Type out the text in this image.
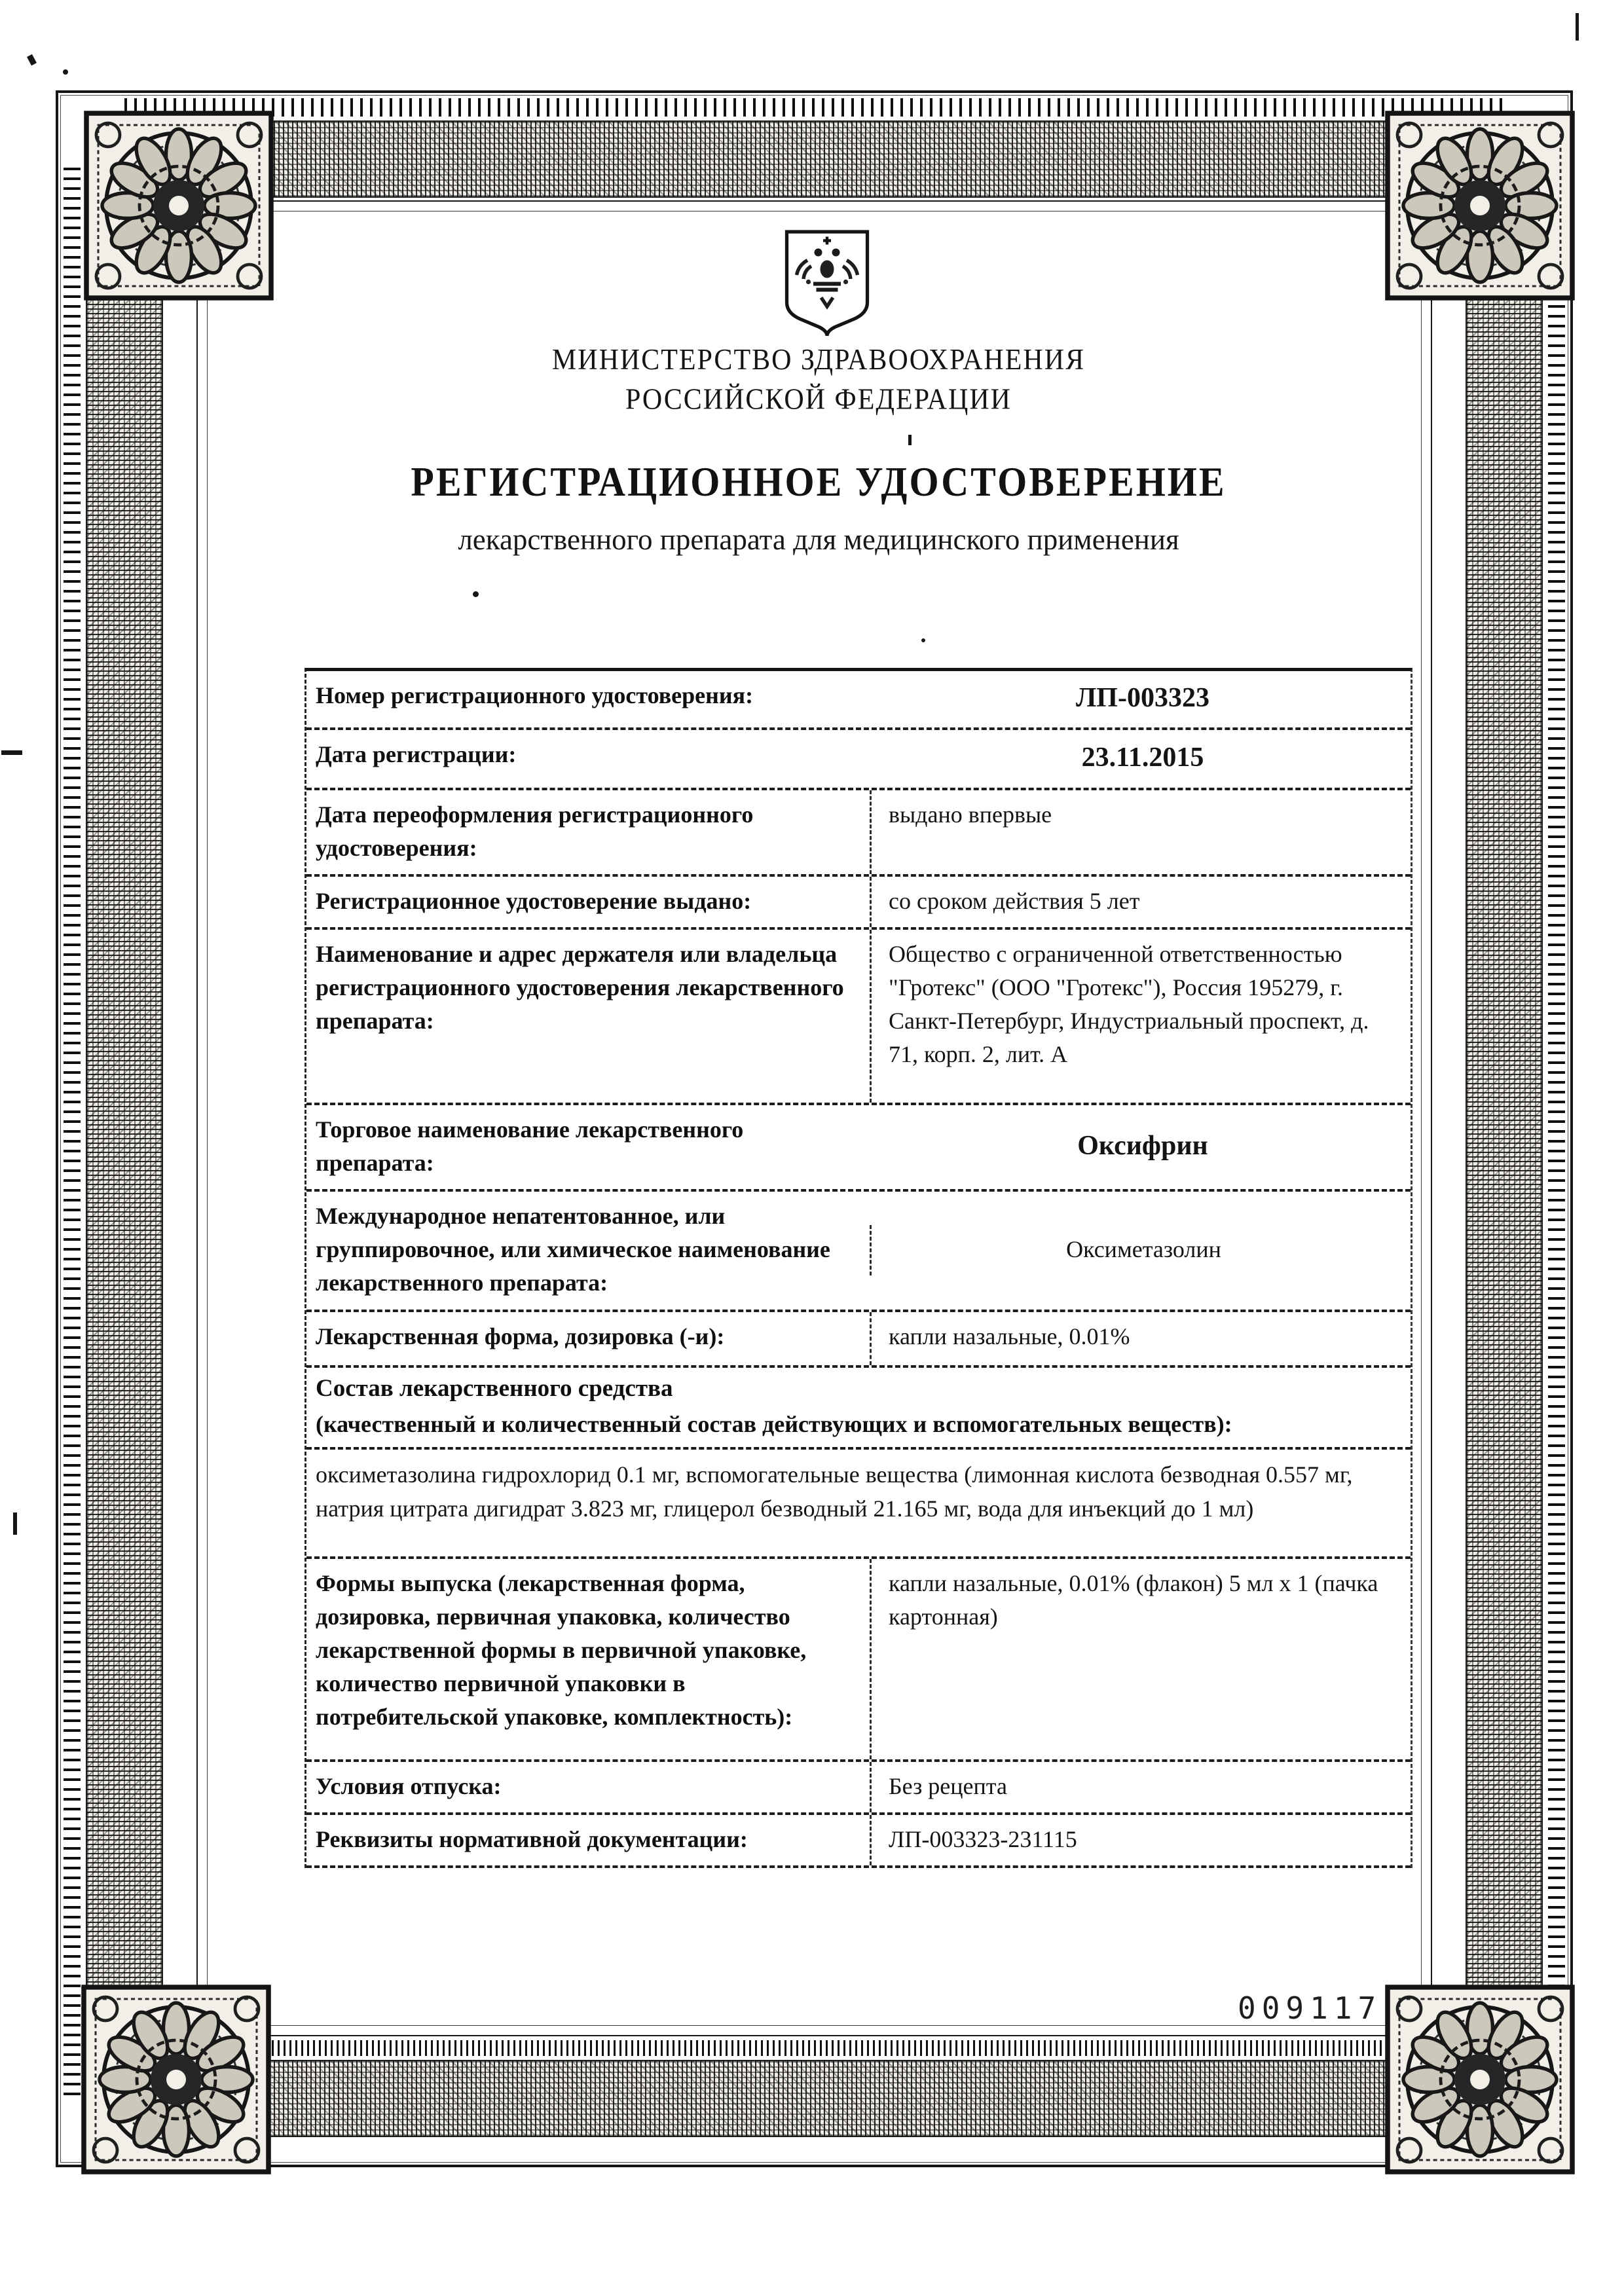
МИНИСТЕРСТВО ЗДРАВООХРАНЕНИЯ
РОССИЙСКОЙ ФЕДЕРАЦИИ
РЕГИСТРАЦИОННОЕ УДОСТОВЕРЕНИЕ
лекарственного препарата для медицинского применения
Номер регистрационного удостоверения:	ЛП-003323
Дата регистрации:	23.11.2015
Дата переоформления регистрационного удостоверения:
выдано впервые
Регистрационное удостоверение выдано:	со сроком действия 5 лет
Наименование и адрес держателя или владельца регистрационного удостоверения лекарственного препарата:
Общество с ограниченной ответственностью "Гротекс" (ООО "Гротекс"), Россия 195279, г. Санкт-Петербург, Индустриальный проспект, д. 71, корп. 2, лит. А
Торговое наименование лекарственного препарата:
Оксифрин
Международное непатентованное, или группировочное, или химическое наименование лекарственного препарата:
Оксиметазолин
Лекарственная форма, дозировка (-и):	капли назальные, 0.01%
Состав лекарственного средства
(качественный и количественный состав действующих и вспомогательных веществ):
оксиметазолина гидрохлорид 0.1 мг, вспомогательные вещества (лимонная кислота безводная 0.557 мг, натрия цитрата дигидрат 3.823 мг, глицерол безводный 21.165 мг, вода для инъекций до 1 мл)
Формы выпуска (лекарственная форма, дозировка, первичная упаковка, количество лекарственной формы в первичной упаковке, количество первичной упаковки в потребительской упаковке, комплектность):
капли назальные, 0.01% (флакон) 5 мл х 1 (пачка картонная)
Условия отпуска:	Без рецепта
Реквизиты нормативной документации:	ЛП-003323-231115
009117
